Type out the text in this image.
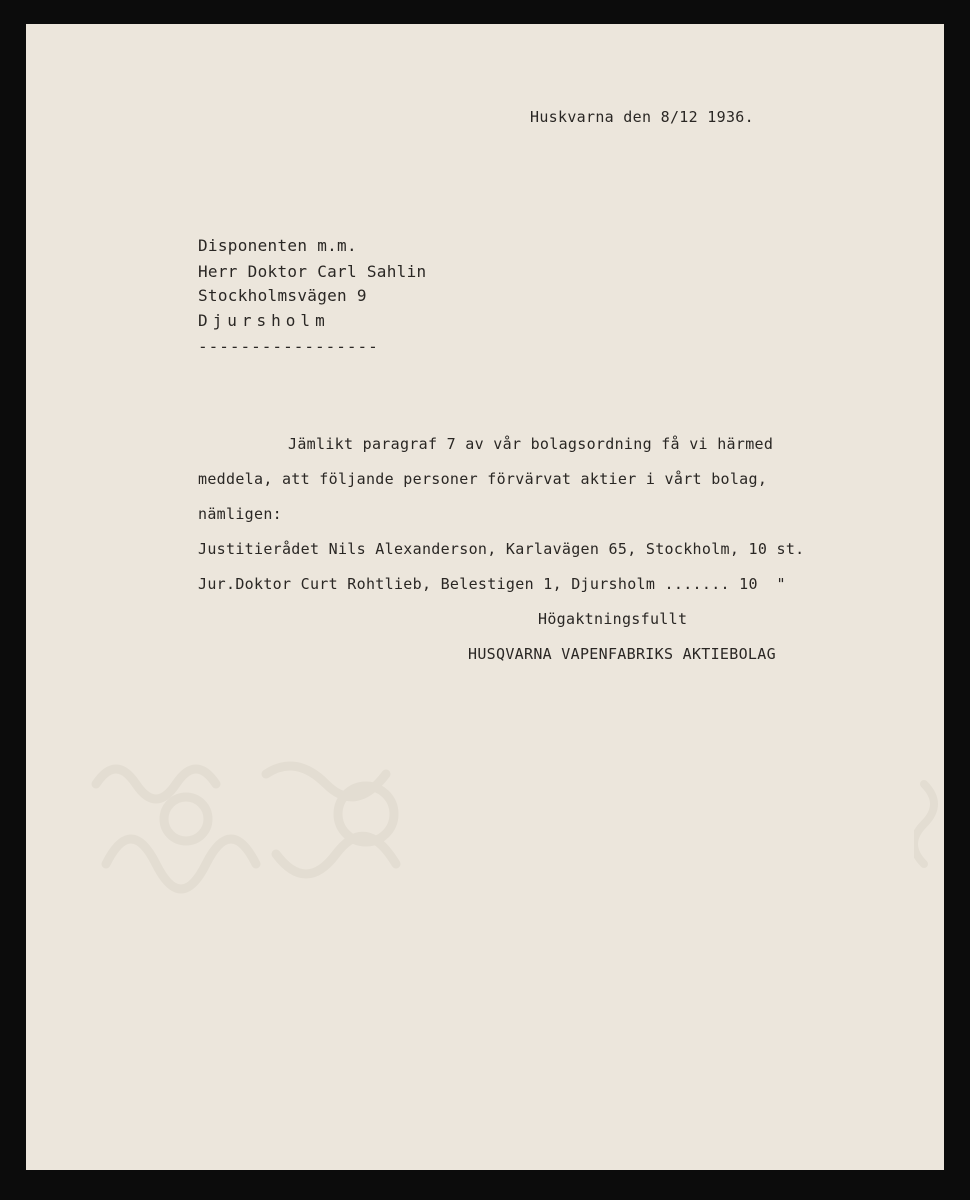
Huskvarna den 8/12 1936.
Disponenten m.m.
Herr Doktor Carl Sahlin
Stockholmsvägen 9
Djursholm
-----------------
Jämlikt paragraf 7 av vår bolagsordning få vi härmed
meddela, att följande personer förvärvat aktier i vårt bolag,
nämligen:
Justitierådet Nils Alexanderson, Karlavägen 65, Stockholm, 10 st.
Jur.Doktor Curt Rohtlieb, Belestigen 1, Djursholm ....... 10  "
Högaktningsfullt
HUSQVARNA VAPENFABRIKS AKTIEBOLAG
